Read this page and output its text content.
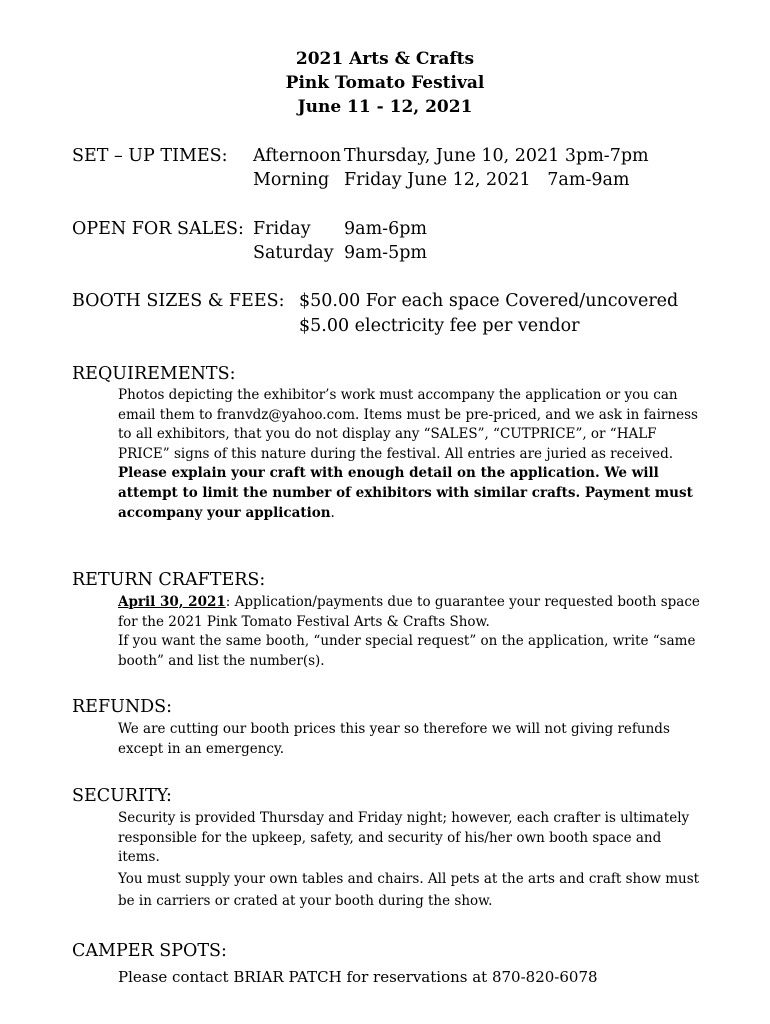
2021 Arts & Crafts
Pink Tomato Festival
June 11 - 12, 2021
SET – UP TIMES: Afternoon Thursday, June 10, 2021 3pm-7pm
Morning Friday June 12, 2021   7am-9am
OPEN FOR SALES: Friday 9am-6pm
Saturday 9am-5pm
BOOTH SIZES & FEES: $50.00 For each space Covered/uncovered
$5.00 electricity fee per vendor
REQUIREMENTS:
Photos depicting the exhibitor’s work must accompany the application or you can email them to franvdz@yahoo.com. Items must be pre-priced, and we ask in fairness to all exhibitors, that you do not display any “SALES”, “CUTPRICE”, or “HALF PRICE” signs of this nature during the festival. All entries are juried as received.
Please explain your craft with enough detail on the application. We will attempt to limit the number of exhibitors with similar crafts. Payment must accompany your application.
RETURN CRAFTERS:
April 30, 2021: Application/payments due to guarantee your requested booth space for the 2021 Pink Tomato Festival Arts & Crafts Show.
If you want the same booth, “under special request” on the application, write “same booth” and list the number(s).
REFUNDS:
We are cutting our booth prices this year so therefore we will not giving refunds except in an emergency.
SECURITY:
Security is provided Thursday and Friday night; however, each crafter is ultimately responsible for the upkeep, safety, and security of his/her own booth space and items.
You must supply your own tables and chairs. All pets at the arts and craft show must be in carriers or crated at your booth during the show.
CAMPER SPOTS:
Please contact BRIAR PATCH for reservations at 870-820-6078
